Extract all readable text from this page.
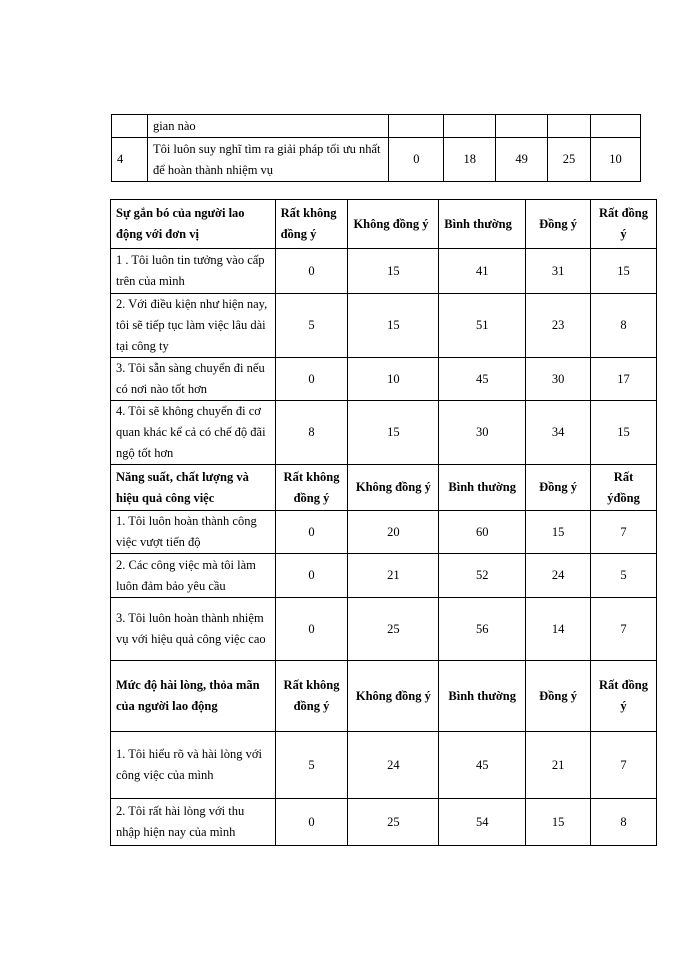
	gian nào					
4	Tôi luôn suy nghĩ tìm ra giải pháp tối ưu nhất để hoàn thành nhiệm vụ	0	18	49	25	10
Sự gắn bó của người lao động với đơn vị	Rất không đồng ý	Không đồng ý	Bình thường	Đồng ý	Rất đồng ý
1 . Tôi luôn tin tưởng vào cấp trên của mình	0	15	41	31	15
2. Với điều kiện như hiện nay, tôi sẽ tiếp tục làm việc lâu dài tại công ty	5	15	51	23	8
3. Tôi sẵn sàng chuyển đi nếu có nơi nào tốt hơn	0	10	45	30	17
4. Tôi sẽ không chuyển đi cơ quan khác kể cả có chế độ đãi ngộ tốt hơn	8	15	30	34	15
Năng suất, chất lượng và hiệu quả công việc	Rất không đồng ý	Không đồng ý	Bình thường	Đồng ý	Rất ýđồng
1. Tôi luôn hoàn thành công việc vượt tiến độ	0	20	60	15	7
2. Các công việc mà tôi làm luôn đảm bảo yêu cầu	0	21	52	24	5
3. Tôi luôn hoàn thành nhiệm vụ với hiệu quả công việc cao	0	25	56	14	7
Mức độ hài lòng, thỏa mãn của người lao động	Rất không đồng ý	Không đồng ý	Bình thường	Đồng ý	Rất đồng ý
1. Tôi hiểu rõ và hài lòng với công việc của mình	5	24	45	21	7
2. Tôi rất hài lòng với thu nhập hiện nay của mình	0	25	54	15	8
